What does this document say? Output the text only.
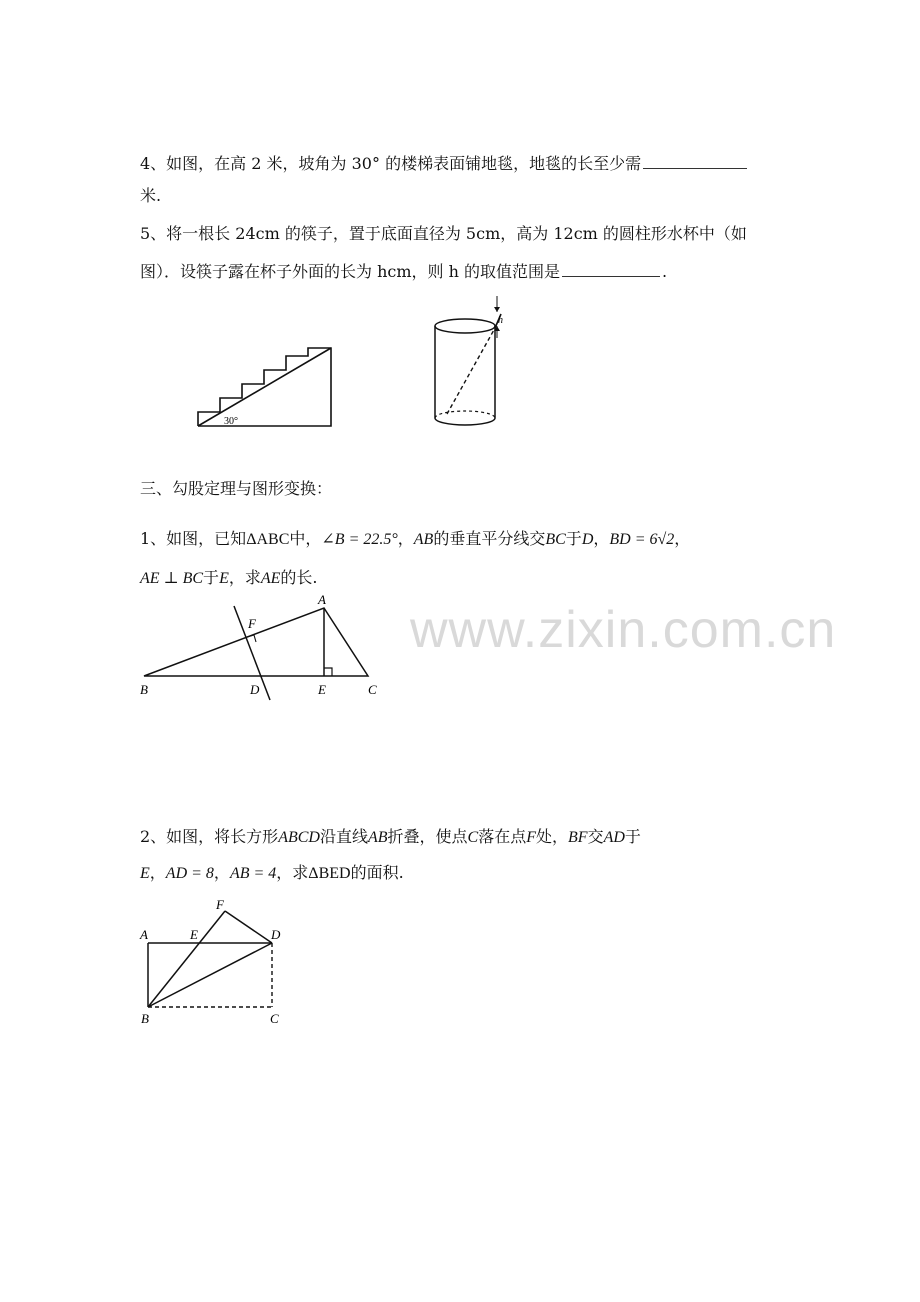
4、如图，在高 2 米，坡角为 30° 的楼梯表面铺地毯，地毯的长至少需
米.
5、将一根长 24cm 的筷子，置于底面直径为 5cm，高为 12cm 的圆柱形水杯中（如
图）．设筷子露在杯子外面的长为 hcm，则 h 的取值范围是	.
30°
h
三、勾股定理与图形变换：
1、如图，已知ΔABC中，∠B = 22.5°，AB的垂直平分线交BC于D，BD = 6√2，
AE ⊥ BC于E，求AE的长.
A
B	C
D	E
F	www.zixin.com.cn
2、如图，将长方形ABCD沿直线AB折叠，使点C落在点F处，BF交AD于
E，AD = 8，AB = 4，求ΔBED的面积.
A	E
F
D
B	C
